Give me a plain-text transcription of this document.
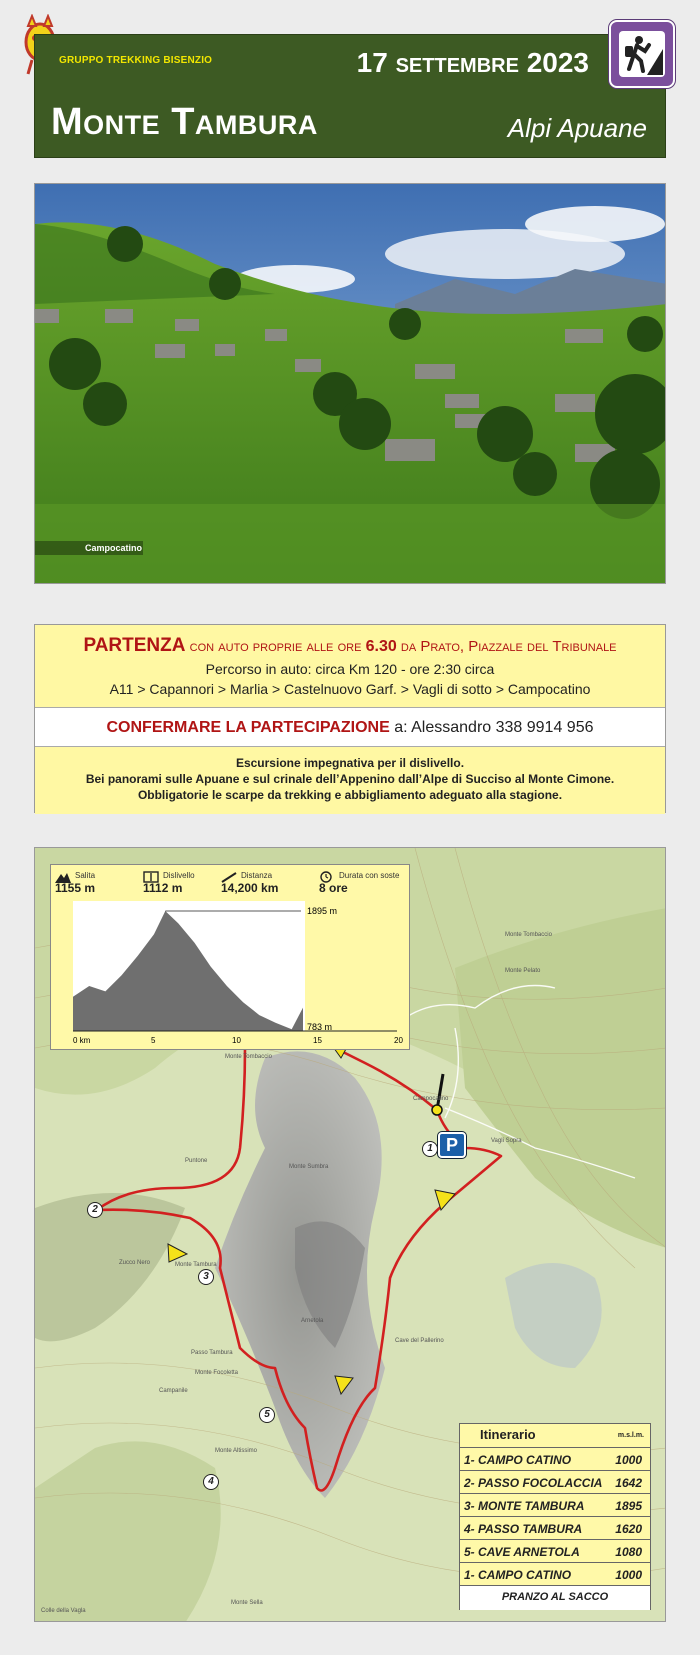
GRUPPO TREKKING BISENZIO	17 settembre 2023
Monte Tambura	Alpi Apuane
Campocatino
PARTENZA con auto proprie alle ore 6.30 da Prato, Piazzale del Tribunale
Percorso in auto: circa Km 120 - ore 2:30 circa
A11 > Capannori > Marlia > Castelnuovo Garf. > Vagli di sotto > Campocatino
CONFERMARE LA PARTECIPAZIONE a: Alessandro 338 9914 956
Escursione impegnativa per il dislivello.
Bei panorami sulle Apuane e sul crinale dell’Appenino dall’Alpe di Succiso al Monte Cimone.
Obbligatorie le scarpe da trekking e abbigliamento adeguato alla stagione.
Monte Tombaccio
Monte Tombaccio
Vagli Sopra
Campocatino
Monte Tambura
Passo Tambura
Zucco Nero
Monte Focoletta
Monte Altissimo
Cave del Pallerino
Colle della Vagla
Monte Sella
Monte Pelato
Campanile
Puntone
Arnetola
Monte Sumbra
P
1
2
3
4
5
Salita
1155 m
Dislivello
1112 m
Distanza
14,200 km
Durata con soste
8 ore
1895 m
783 m
0 km	5	10	15	20
Itinerario	m.s.l.m.
1- CAMPO CATINO	1000
2- PASSO FOCOLACCIA 1642
3- MONTE TAMBURA	1895
4- PASSO TAMBURA	1620
5- CAVE ARNETOLA	1080
1- CAMPO CATINO	1000
PRANZO AL SACCO
